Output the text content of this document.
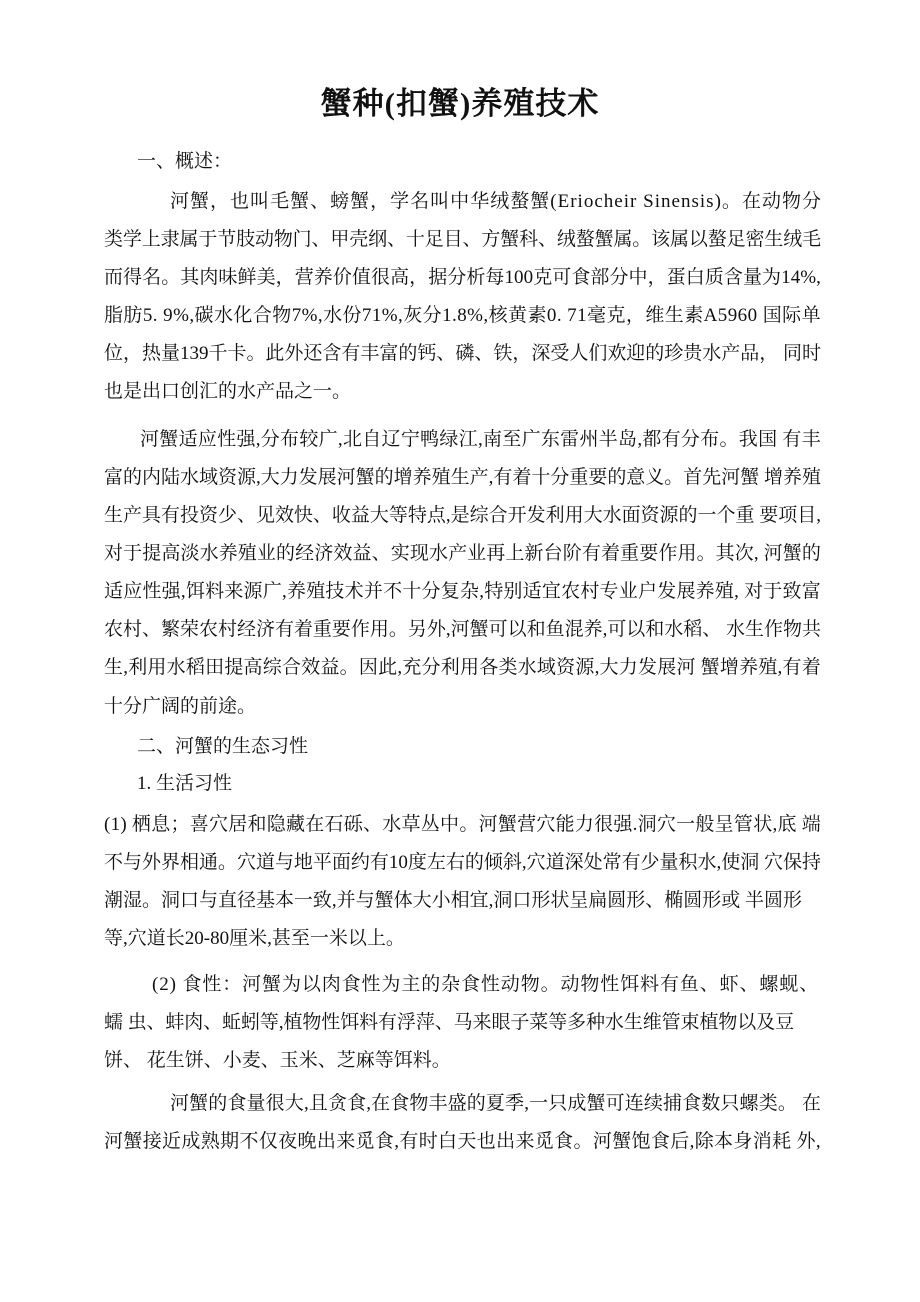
蟹种(扣蟹)养殖技术
一、概述：
河蟹，也叫毛蟹、螃蟹，学名叫中华绒螯蟹(Eriocheir Sinensis)。在动物分
类学上隶属于节肢动物门、甲壳纲、十足目、方蟹科、绒螯蟹属。该属以螯足密生绒毛
而得名。其肉味鲜美，营养价值很高，据分析每100克可食部分中，蛋白质含量为14%,
脂肪5. 9%,碳水化合物7%,水份71%,灰分1.8%,核黄素0. 71毫克，维生素A5960 国际单
位，热量139千卡。此外还含有丰富的钙、磷、铁，深受人们欢迎的珍贵水产品， 同时
也是出口创汇的水产品之一。
河蟹适应性强,分布较广,北自辽宁鸭绿江,南至广东雷州半岛,都有分布。我国 有丰
富的内陆水域资源,大力发展河蟹的增养殖生产,有着十分重要的意义。首先河蟹 增养殖
生产具有投资少、见效快、收益大等特点,是综合开发利用大水面资源的一个重 要项目,
对于提高淡水养殖业的经济效益、实现水产业再上新台阶有着重要作用。其次, 河蟹的
适应性强,饵料来源广,养殖技术并不十分复杂,特别适宜农村专业户发展养殖, 对于致富
农村、繁荣农村经济有着重要作用。另外,河蟹可以和鱼混养,可以和水稻、 水生作物共
生,利用水稻田提高综合效益。因此,充分利用各类水域资源,大力发展河 蟹增养殖,有着
十分广阔的前途。
二、河蟹的生态习性
1. 生活习性
(1) 栖息；喜穴居和隐藏在石砾、水草丛中。河蟹营穴能力很强.洞穴一般呈管状,底 端
不与外界相通。穴道与地平面约有10度左右的倾斜,穴道深处常有少量积水,使洞 穴保持
潮湿。洞口与直径基本一致,并与蟹体大小相宜,洞口形状呈扁圆形、椭圆形或 半圆形
等,穴道长20-80厘米,甚至一米以上。
(2) 食性：河蟹为以肉食性为主的杂食性动物。动物性饵料有鱼、虾、螺蚬、
蠕 虫、蚌肉、蚯蚓等,植物性饵料有浮萍、马来眼子菜等多种水生维管束植物以及豆
饼、 花生饼、小麦、玉米、芝麻等饵料。
河蟹的食量很大,且贪食,在食物丰盛的夏季,一只成蟹可连续捕食数只螺类。 在
河蟹接近成熟期不仅夜晚出来觅食,有时白天也出来觅食。河蟹饱食后,除本身消耗 外,
